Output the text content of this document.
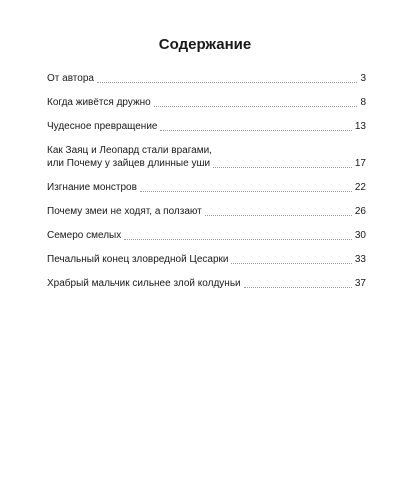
Содержание
От автора	3
Когда живётся дружно	8
Чудесное превращение	13
Как Заяц и Леопард стали врагами,
или Почему у зайцев длинные уши	17
Изгнание монстров	22
Почему змеи не ходят, а ползают	26
Семеро смелых	30
Печальный конец зловредной Цесарки	33
Храбрый мальчик сильнее злой колдуньи	37
